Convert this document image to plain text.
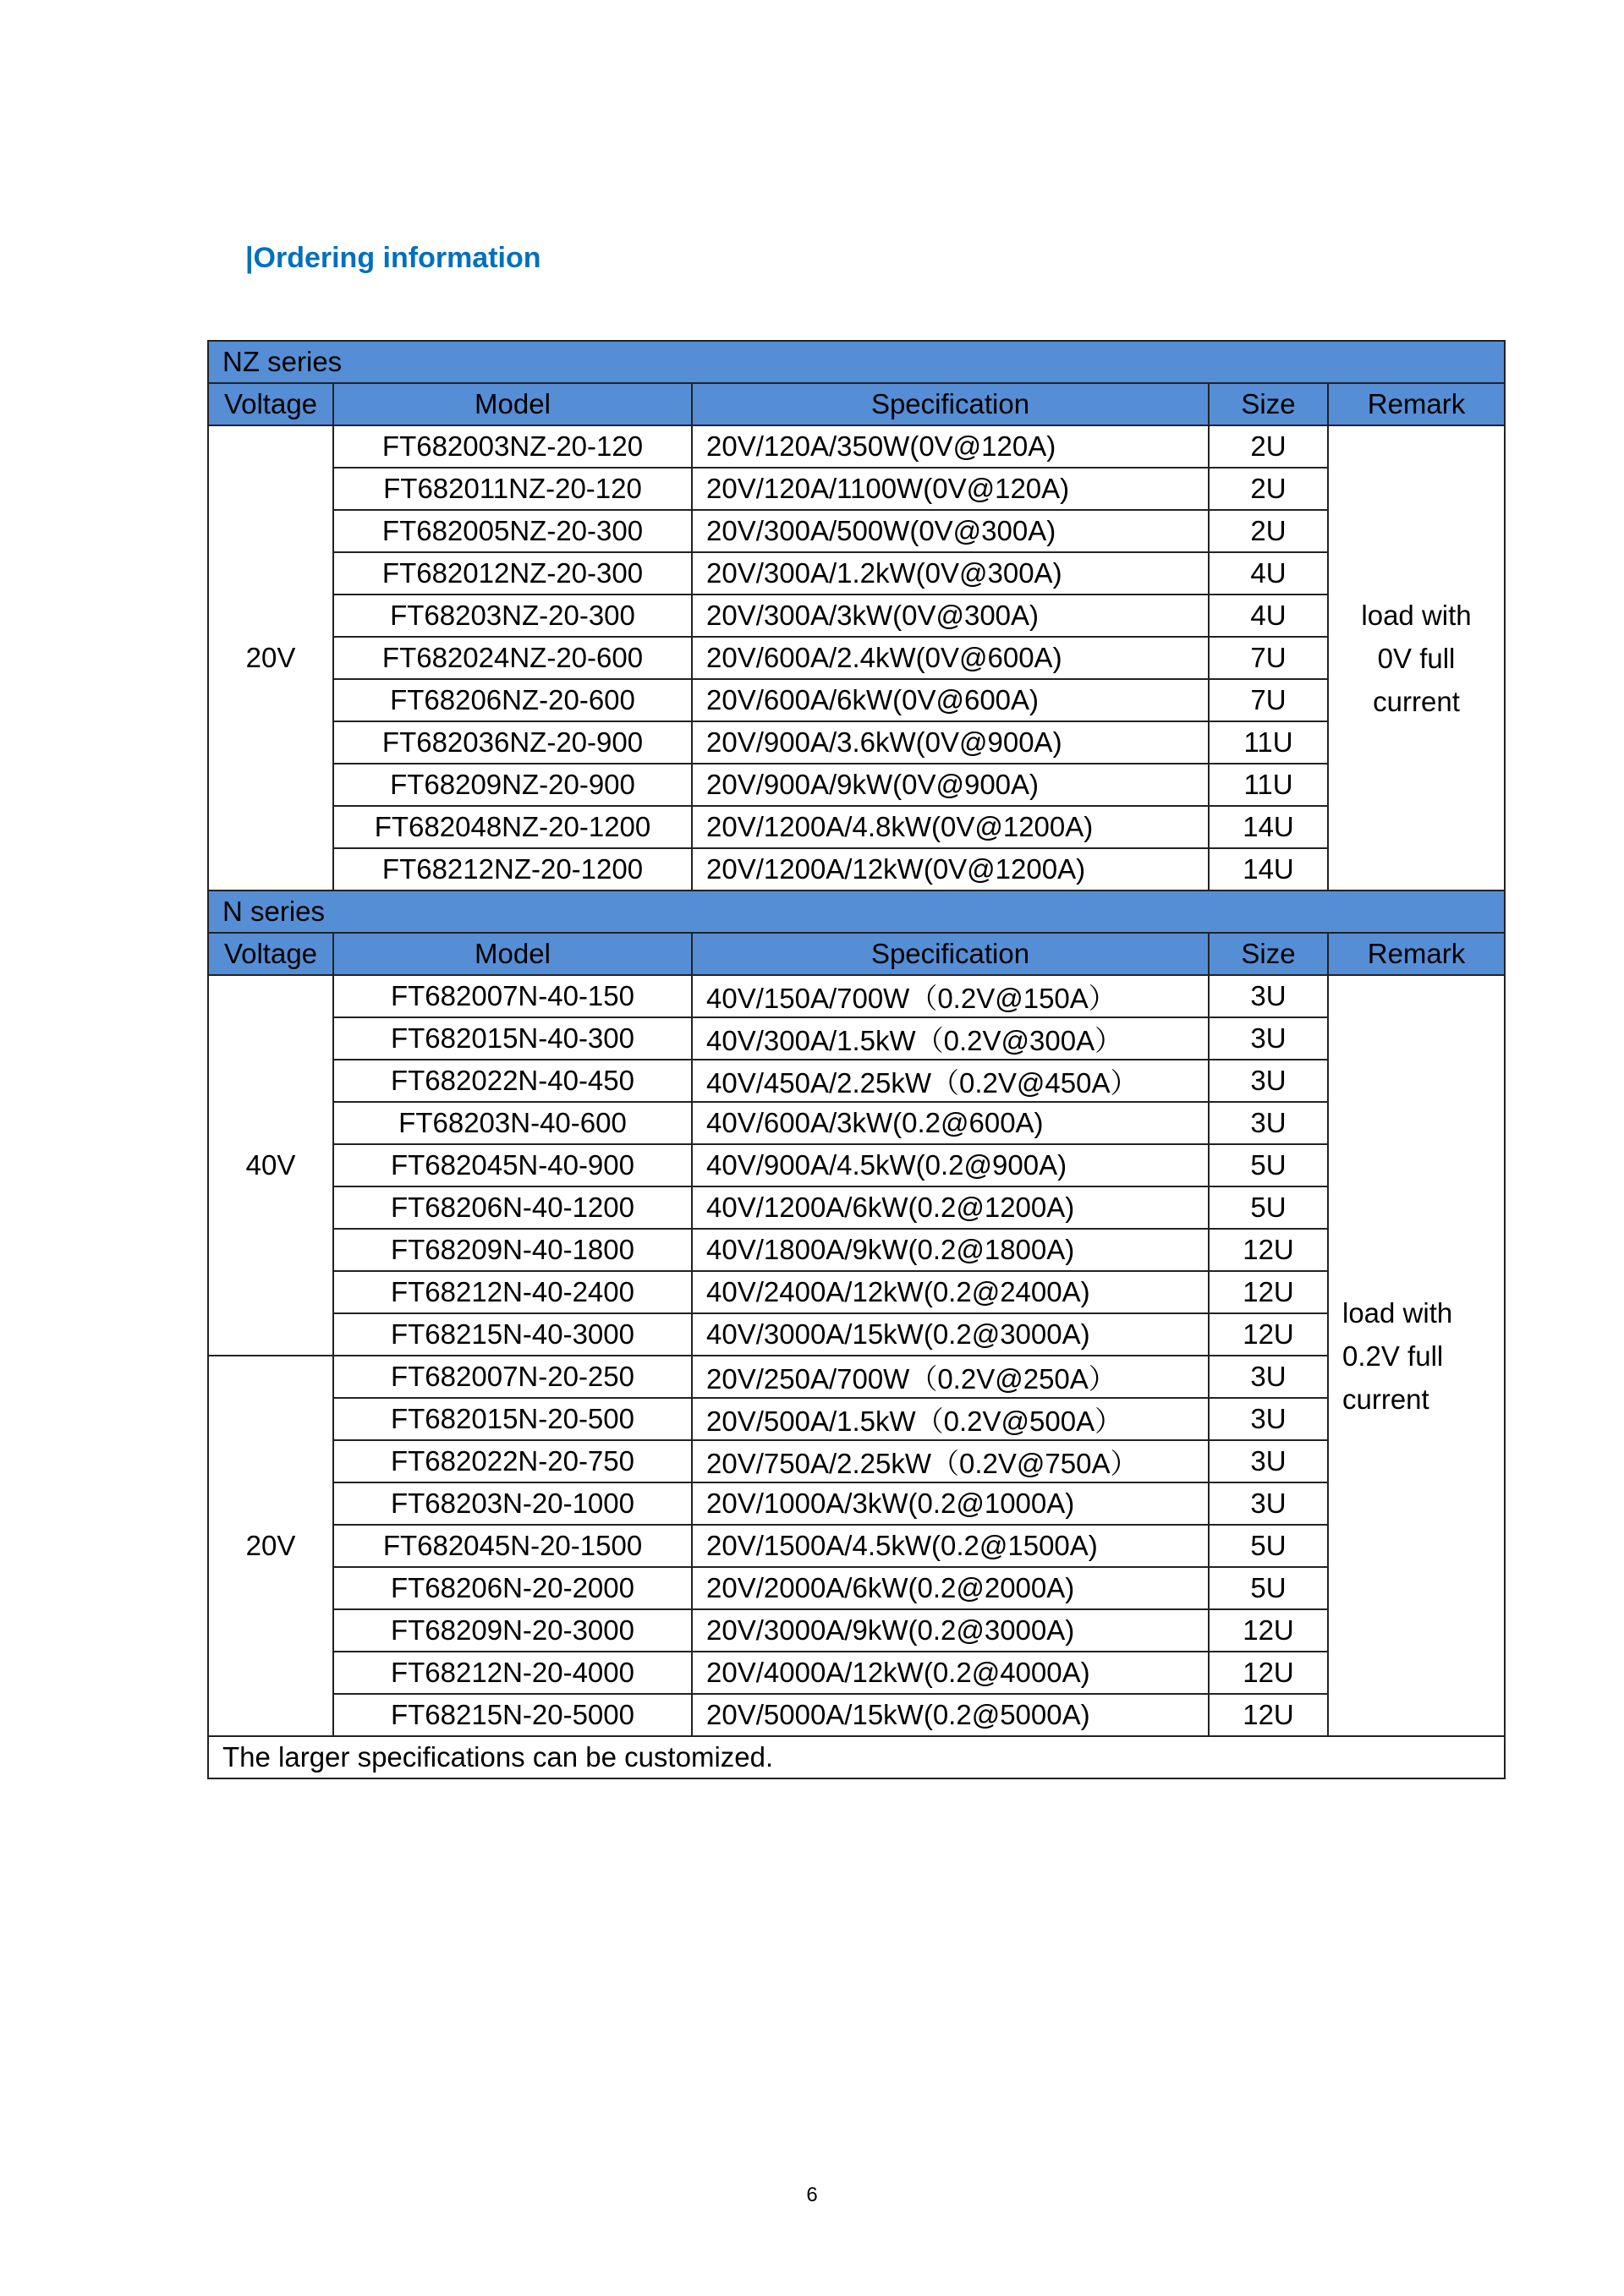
|Ordering information
NZ series				
Voltage	Model	Specification	Size	Remark
20V	FT682003NZ-20-120	20V/120A/350W(0V@120A)	2U	load with
0V full
current

	FT682011NZ-20-120	20V/120A/1100W(0V@120A)	2U	
	FT682005NZ-20-300	20V/300A/500W(0V@300A)	2U	
	FT682012NZ-20-300	20V/300A/1.2kW(0V@300A)	4U	
	FT68203NZ-20-300	20V/300A/3kW(0V@300A)	4U	
	FT682024NZ-20-600	20V/600A/2.4kW(0V@600A)	7U	
	FT68206NZ-20-600	20V/600A/6kW(0V@600A)	7U	
	FT682036NZ-20-900	20V/900A/3.6kW(0V@900A)	11U	
	FT68209NZ-20-900	20V/900A/9kW(0V@900A)	11U	
	FT682048NZ-20-1200	20V/1200A/4.8kW(0V@1200A)	14U	
	FT68212NZ-20-1200	20V/1200A/12kW(0V@1200A)	14U	
N series				
Voltage	Model	Specification	Size	Remark
40V	FT682007N-40-150	40V/150A/700W（0.2V@150A）	3U	load with
0.2V full
current

	FT682015N-40-300	40V/300A/1.5kW（0.2V@300A）	3U	
	FT682022N-40-450	40V/450A/2.25kW（0.2V@450A）	3U	
	FT68203N-40-600	40V/600A/3kW(0.2@600A)	3U	
	FT682045N-40-900	40V/900A/4.5kW(0.2@900A)	5U	
	FT68206N-40-1200	40V/1200A/6kW(0.2@1200A)	5U	
	FT68209N-40-1800	40V/1800A/9kW(0.2@1800A)	12U	
	FT68212N-40-2400	40V/2400A/12kW(0.2@2400A)	12U	
	FT68215N-40-3000	40V/3000A/15kW(0.2@3000A)	12U	
20V	FT682007N-20-250	20V/250A/700W（0.2V@250A）	3U	
	FT682015N-20-500	20V/500A/1.5kW（0.2V@500A）	3U	
	FT682022N-20-750	20V/750A/2.25kW（0.2V@750A）	3U	
	FT68203N-20-1000	20V/1000A/3kW(0.2@1000A)	3U	
	FT682045N-20-1500	20V/1500A/4.5kW(0.2@1500A)	5U	
	FT68206N-20-2000	20V/2000A/6kW(0.2@2000A)	5U	
	FT68209N-20-3000	20V/3000A/9kW(0.2@3000A)	12U	
	FT68212N-20-4000	20V/4000A/12kW(0.2@4000A)	12U	
	FT68215N-20-5000	20V/5000A/15kW(0.2@5000A)	12U	
The larger specifications can be customized.				
6
